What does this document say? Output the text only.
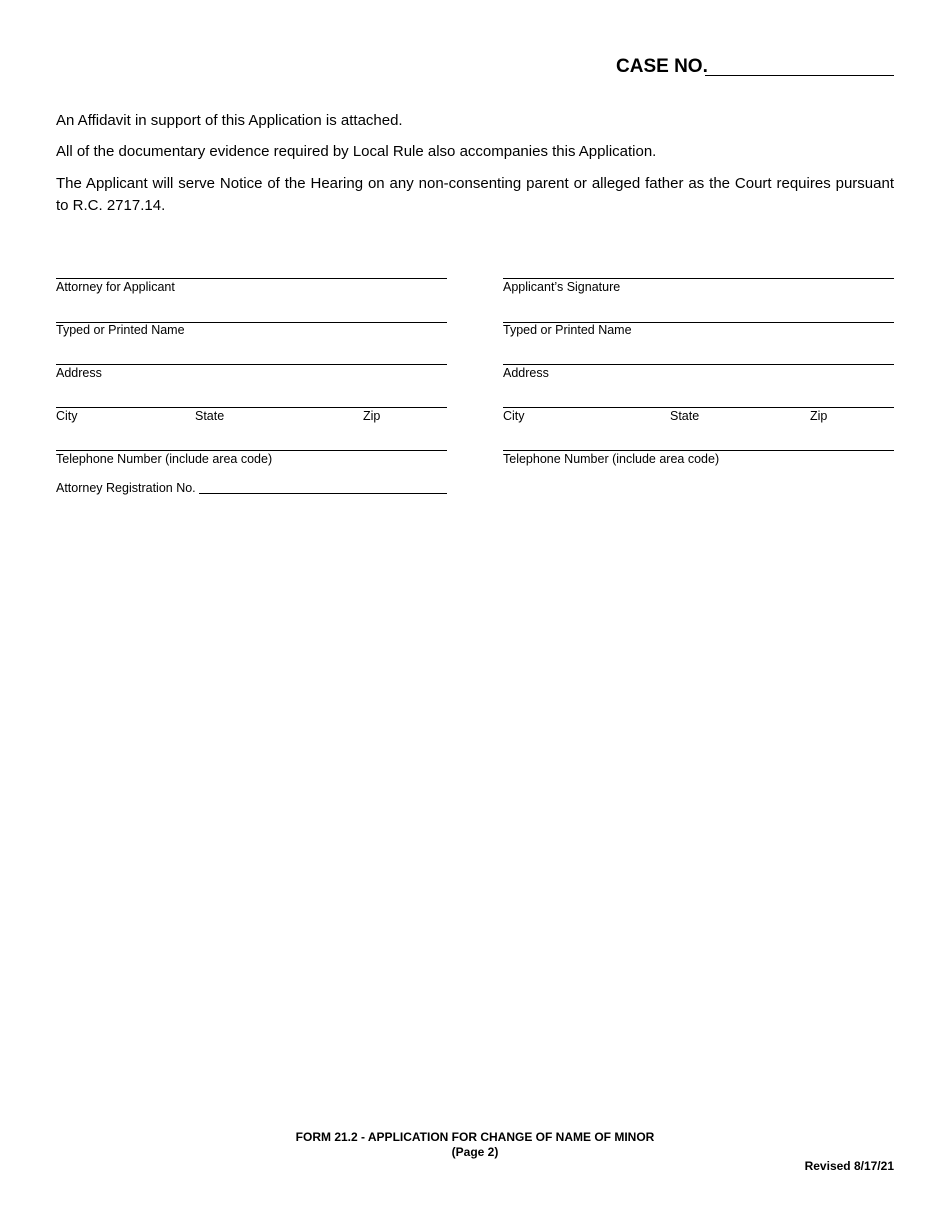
CASE NO.
An Affidavit in support of this Application is attached.
All of the documentary evidence required by Local Rule also accompanies this Application.
The Applicant will serve Notice of the Hearing on any non-consenting parent or alleged father as the Court requires pursuant to R.C. 2717.14.
Attorney for Applicant
Typed or Printed Name
Address
City	State	Zip
Telephone Number (include area code)
Attorney Registration No.
Applicant’s Signature
Typed or Printed Name
Address
City	State	Zip
Telephone Number (include area code)
FORM 21.2 - APPLICATION FOR CHANGE OF NAME OF MINOR
(Page 2)
Revised 8/17/21
